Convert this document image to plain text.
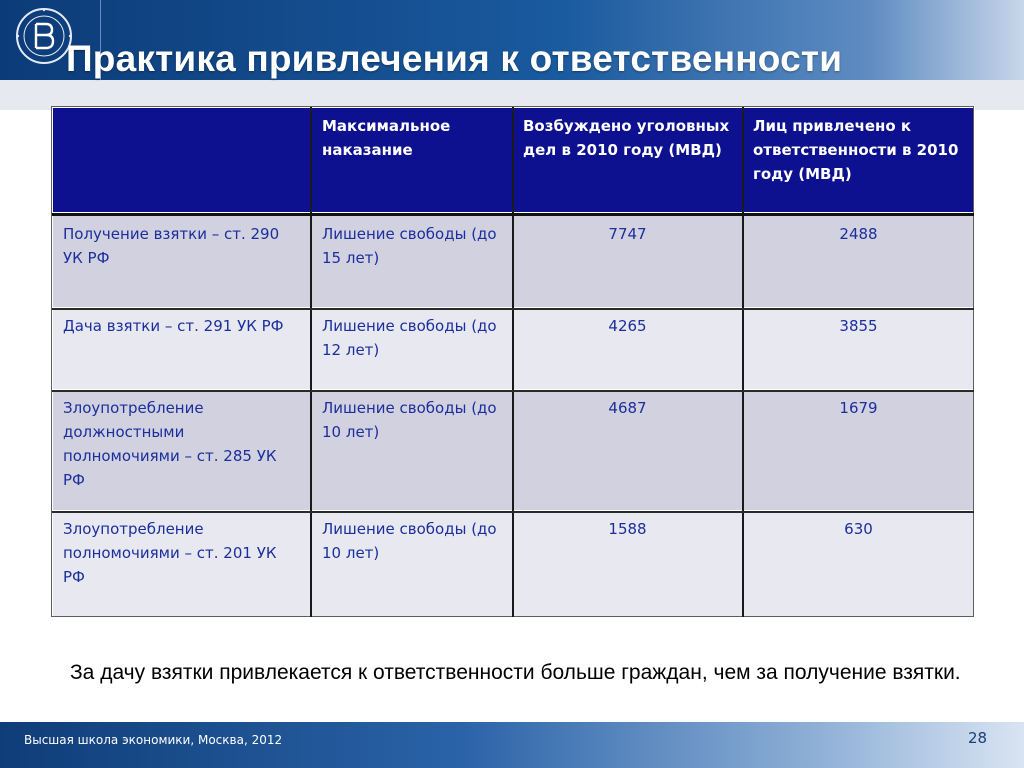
Практика привлечения к ответственности
	Максимальное наказание	Возбуждено уголовных дел в 2010 году (МВД)	Лиц привлечено к ответственности в 2010 году (МВД)
Получение взятки – ст. 290 УК РФ	Лишение свободы (до 15 лет)	7747	2488
Дача взятки – ст. 291 УК РФ	Лишение свободы (до 12 лет)	4265	3855
Злоупотребление должностными полномочиями – ст. 285 УК РФ	Лишение свободы (до 10 лет)	4687	1679
Злоупотребление полномочиями – ст. 201 УК РФ	Лишение свободы (до 10 лет)	1588	630

За дачу взятки привлекается к ответственности больше граждан, чем за получение взятки.

Высшая школа экономики, Москва, 2012	28
